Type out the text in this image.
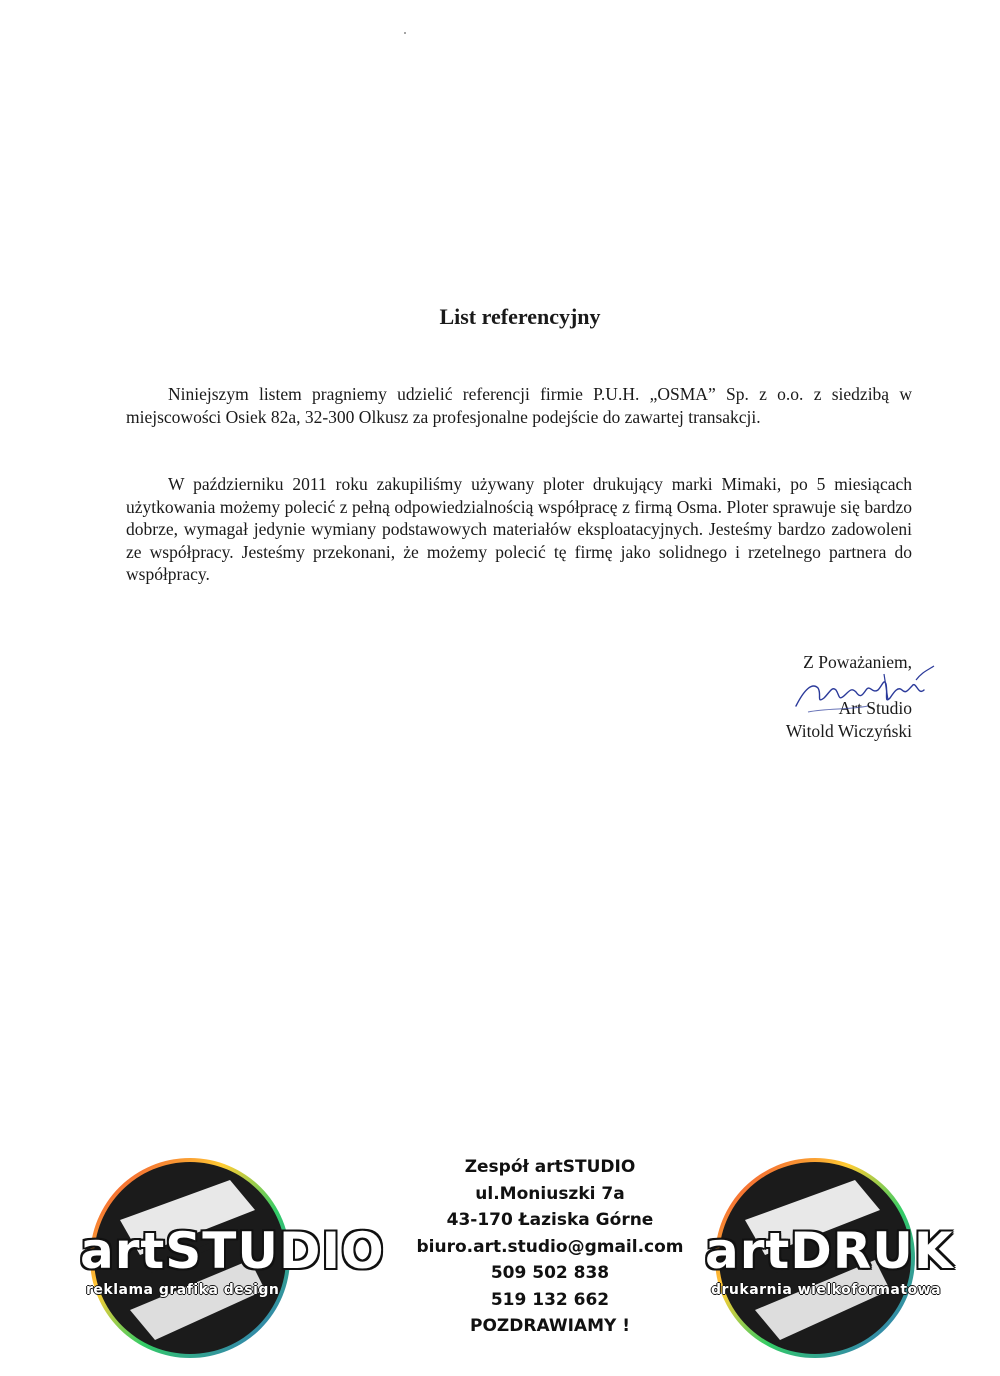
List referencyjny
Niniejszym listem pragniemy udzielić referencji firmie P.U.H. „OSMA” Sp. z o.o. z siedzibą w miejscowości Osiek 82a, 32-300 Olkusz za profesjonalne podejście do zawartej transakcji.
W październiku 2011 roku zakupiliśmy używany ploter drukujący marki Mimaki, po 5 miesiącach użytkowania możemy polecić z pełną odpowiedzialnością współpracę z firmą Osma. Ploter sprawuje się bardzo dobrze, wymagał jedynie wymiany podstawowych materiałów eksploatacyjnych. Jesteśmy bardzo zadowoleni ze współpracy. Jesteśmy przekonani, że możemy polecić tę firmę jako solidnego i rzetelnego partnera do współpracy.
Z Poważaniem,
Art Studio
Witold Wiczyński
artSTUDIO
reklama grafika design
Zespół artSTUDIO
ul.Moniuszki 7a
43-170 Łaziska Górne
biuro.art.studio@gmail.com
509 502 838
519 132 662
POZDRAWIAMY !
artDRUK
drukarnia wielkoformatowa
